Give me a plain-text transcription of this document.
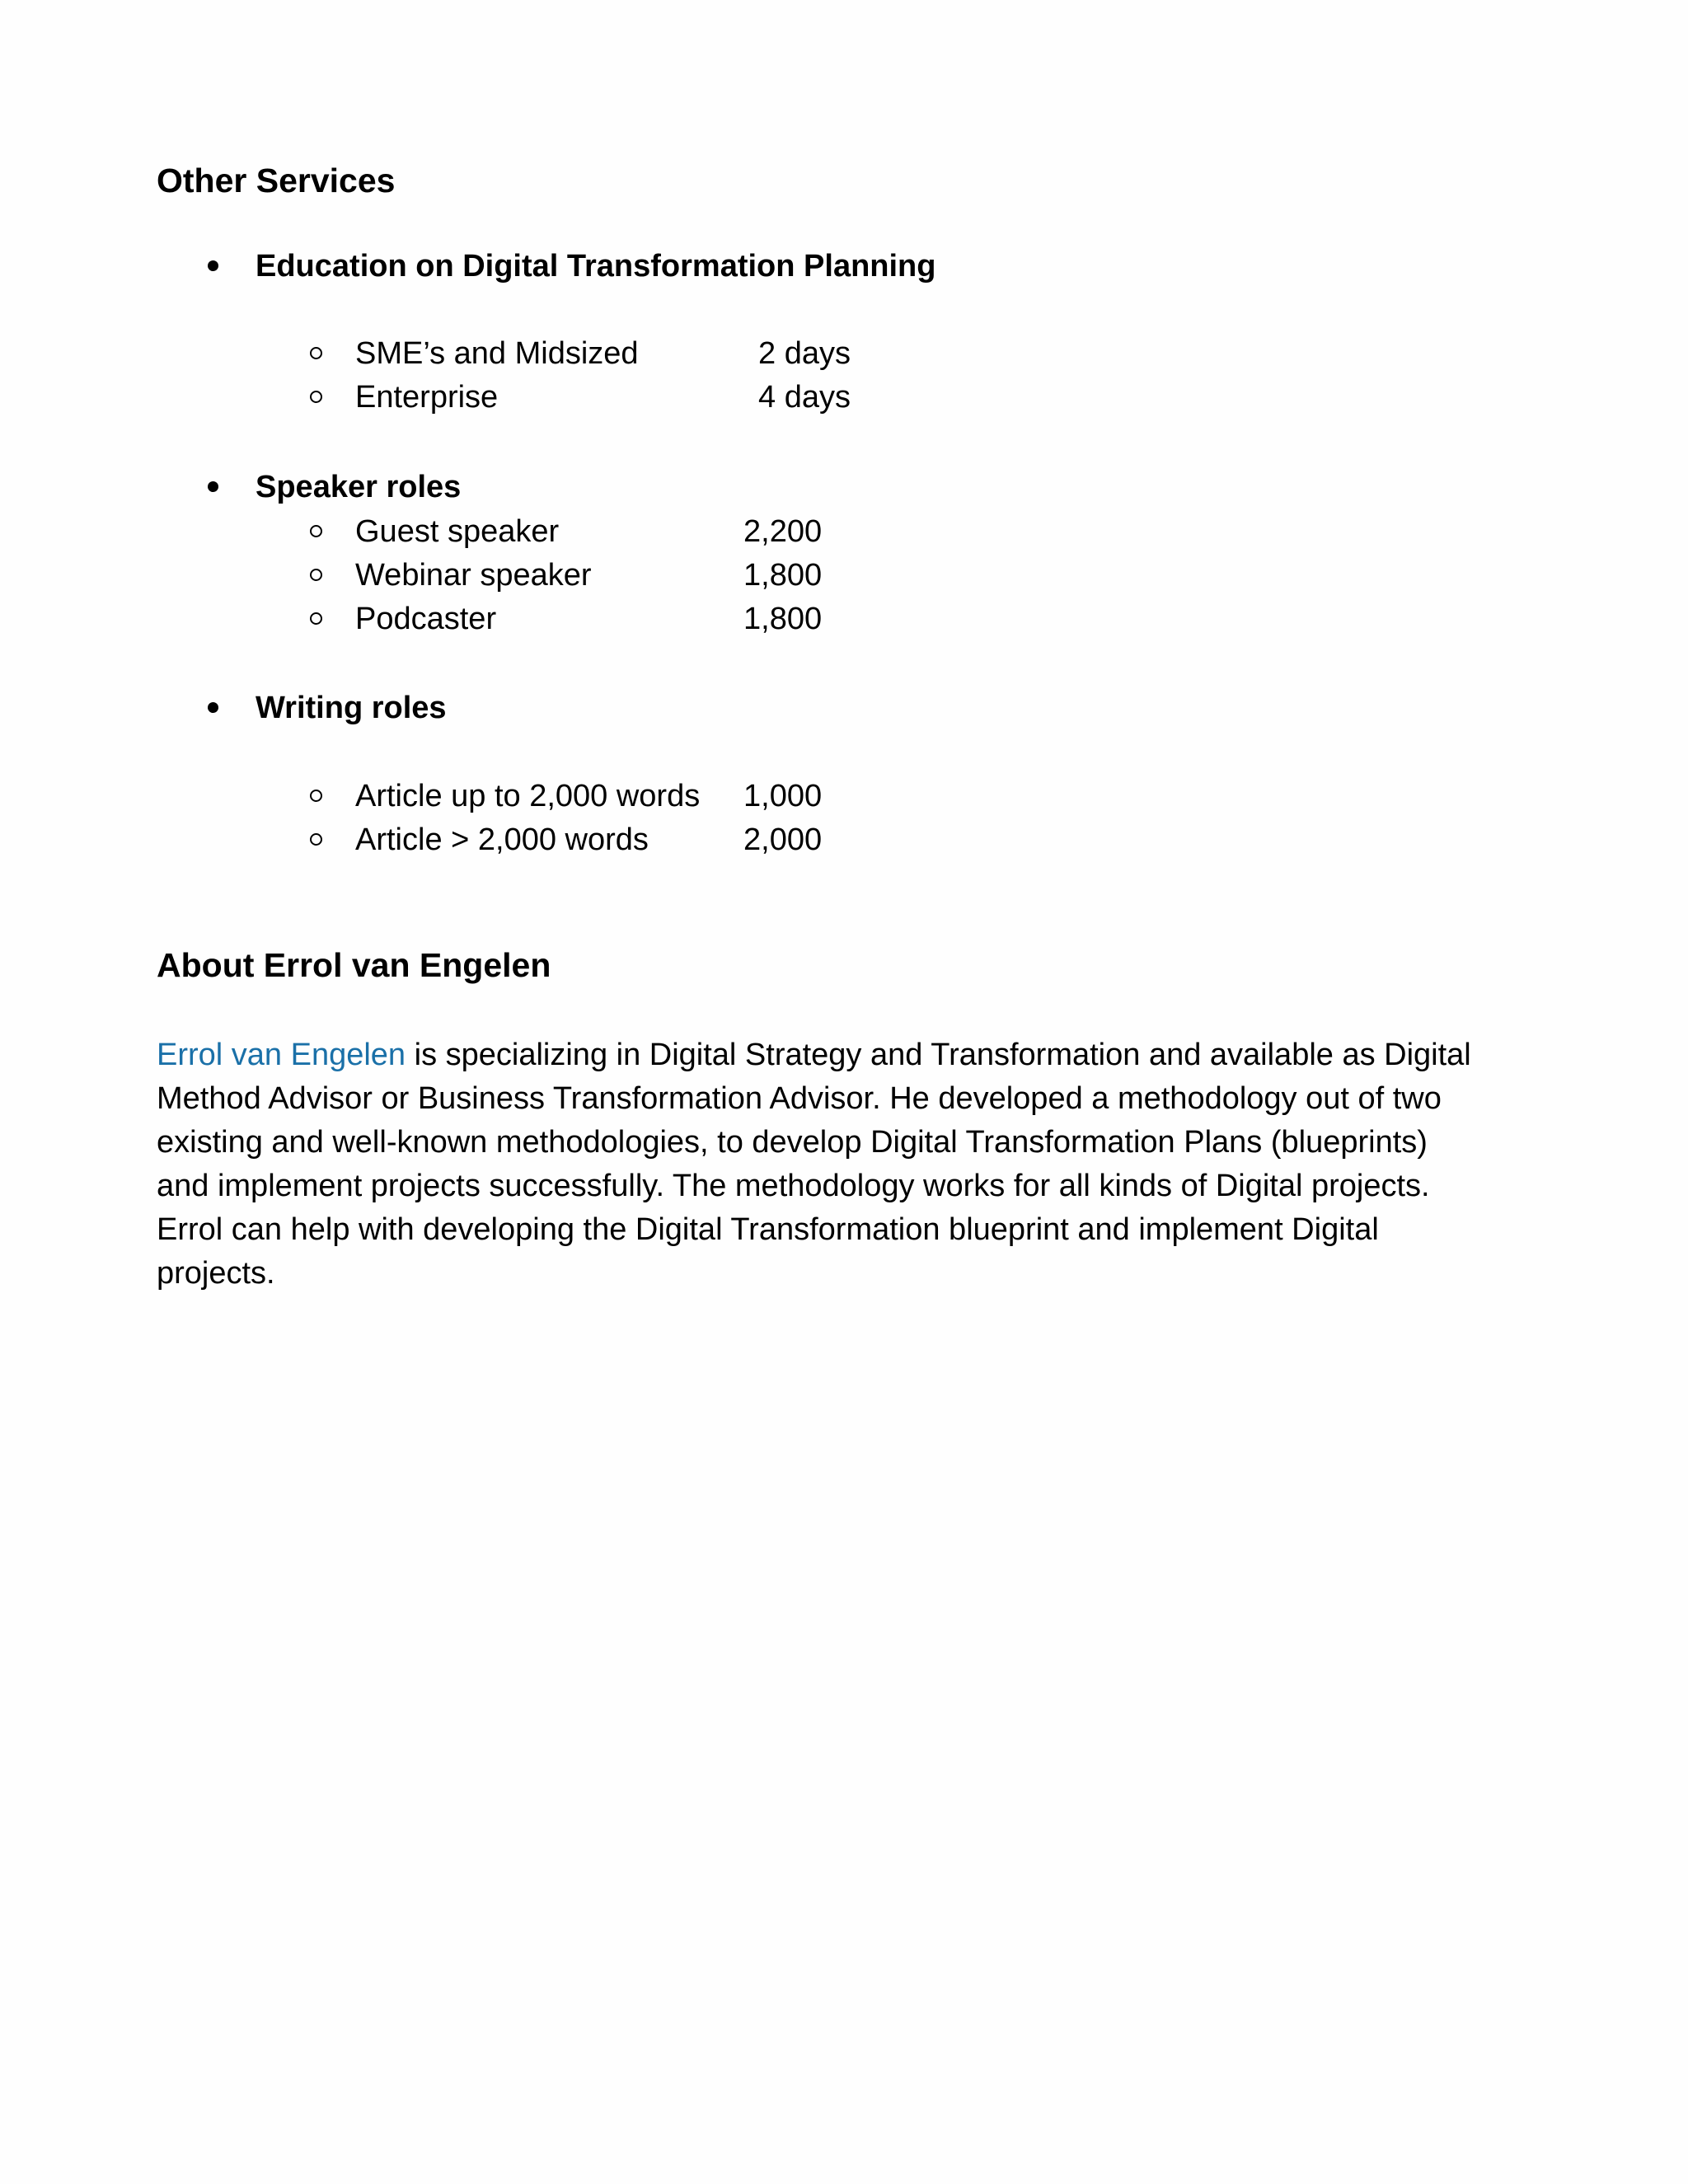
Other Services
Education on Digital Transformation Planning
SME’s and Midsized	2 days
Enterprise	4 days
Speaker roles
Guest speaker	2,200
Webinar speaker	1,800
Podcaster	1,800
Writing roles
Article up to 2,000 words 1,000
Article > 2,000 words	2,000
About Errol van Engelen
Errol van Engelen is specializing in Digital Strategy and Transformation and available as Digital
Method Advisor or Business Transformation Advisor. He developed a methodology out of two
existing and well-known methodologies, to develop Digital Transformation Plans (blueprints)
and implement projects successfully. The methodology works for all kinds of Digital projects.
Errol can help with developing the Digital Transformation blueprint and implement Digital
projects.
